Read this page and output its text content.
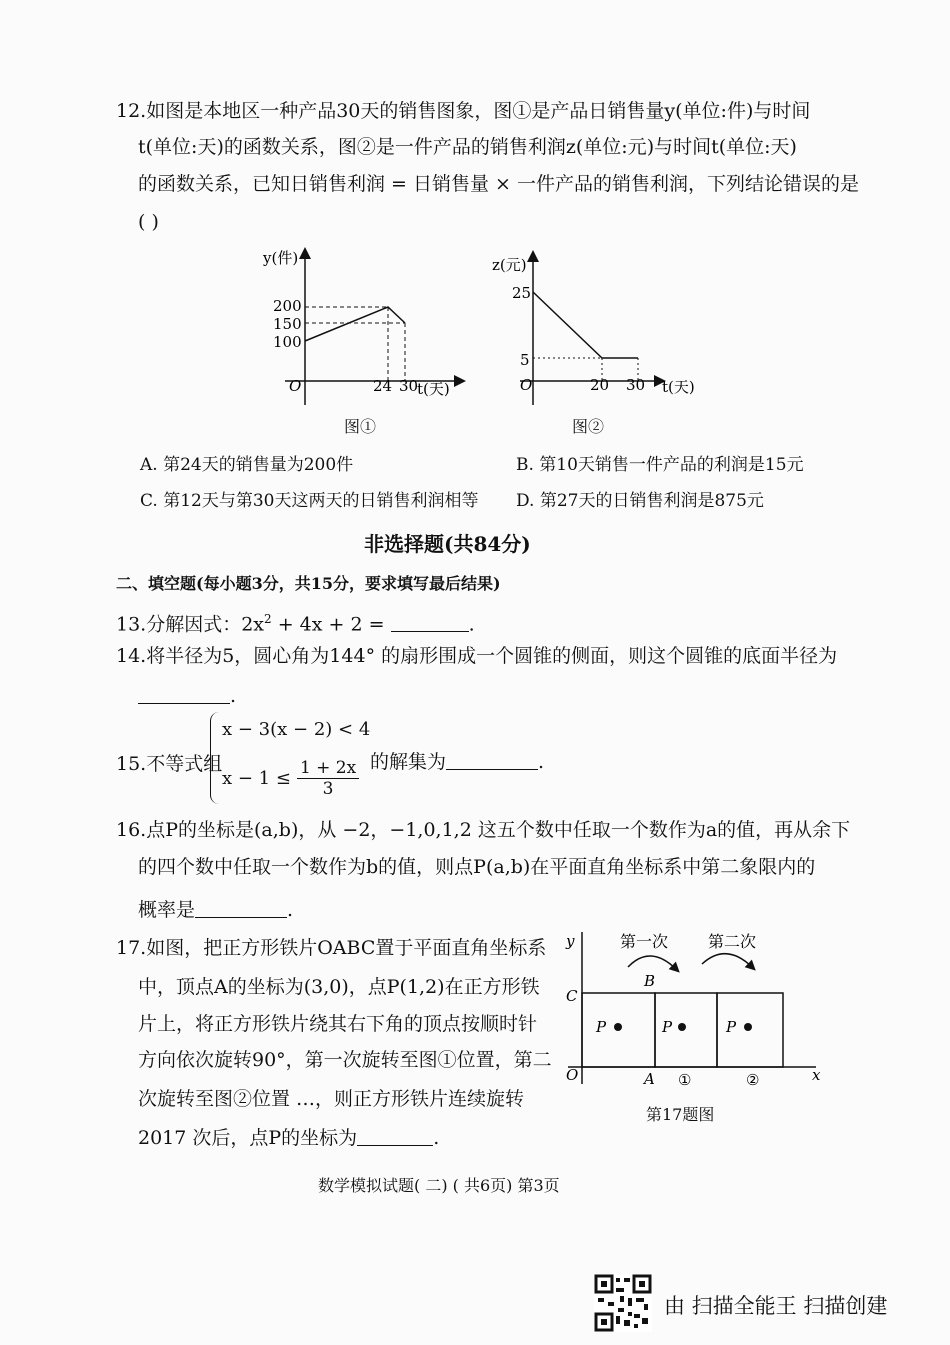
12.如图是本地区一种产品30天的销售图象，图①是产品日销售量y(单位:件)与时间
t(单位:天)的函数关系，图②是一件产品的销售利润z(单位:元)与时间t(单位:天)
的函数关系，已知日销售利润 = 日销售量 × 一件产品的销售利润，下列结论错误的是
( )
y(件)
200
150
100
O	24 30
t(天)
图①
z(元)
25
5
O	20 30 t(天)
图②
A. 第24天的销售量为200件	B. 第10天销售一件产品的利润是15元
C. 第12天与第30天这两天的日销售利润相等 D. 第27天的日销售利润是875元
非选择题(共84分)
二、填空题(每小题3分，共15分，要求填写最后结果)
13.分解因式：$2x^2 + 4x + 2$ =	.
14.将半径为5，圆心角为144° 的扇形围成一个圆锥的侧面，则这个圆锥的底面半径为
.
15.不等式组
x − 3(x − 2) < 4
$x - 1 \le \frac{1 + 2x}{3}$ 的解集为	.
16.点P的坐标是(a,b)，从 −2，−1,0,1,2 这五个数中任取一个数作为a的值，再从余下
的四个数中任取一个数作为b的值，则点P(a,b)在平面直角坐标系中第二象限内的
概率是	.
17.如图，把正方形铁片OABC置于平面直角坐标系
中，顶点A的坐标为(3,0)，点P(1,2)在正方形铁
片上，将正方形铁片绕其右下角的顶点按顺时针
方向依次旋转90°，第一次旋转至图①位置，第二
次旋转至图②位置 …，则正方形铁片连续旋转
2017 次后，点P的坐标为	.
第一次 第二次
y
x
O	A
B
C
P	P	P
①	②
第17题图
数学模拟试题( 二) ( 共6页) 第3页
由 扫描全能王 扫描创建
